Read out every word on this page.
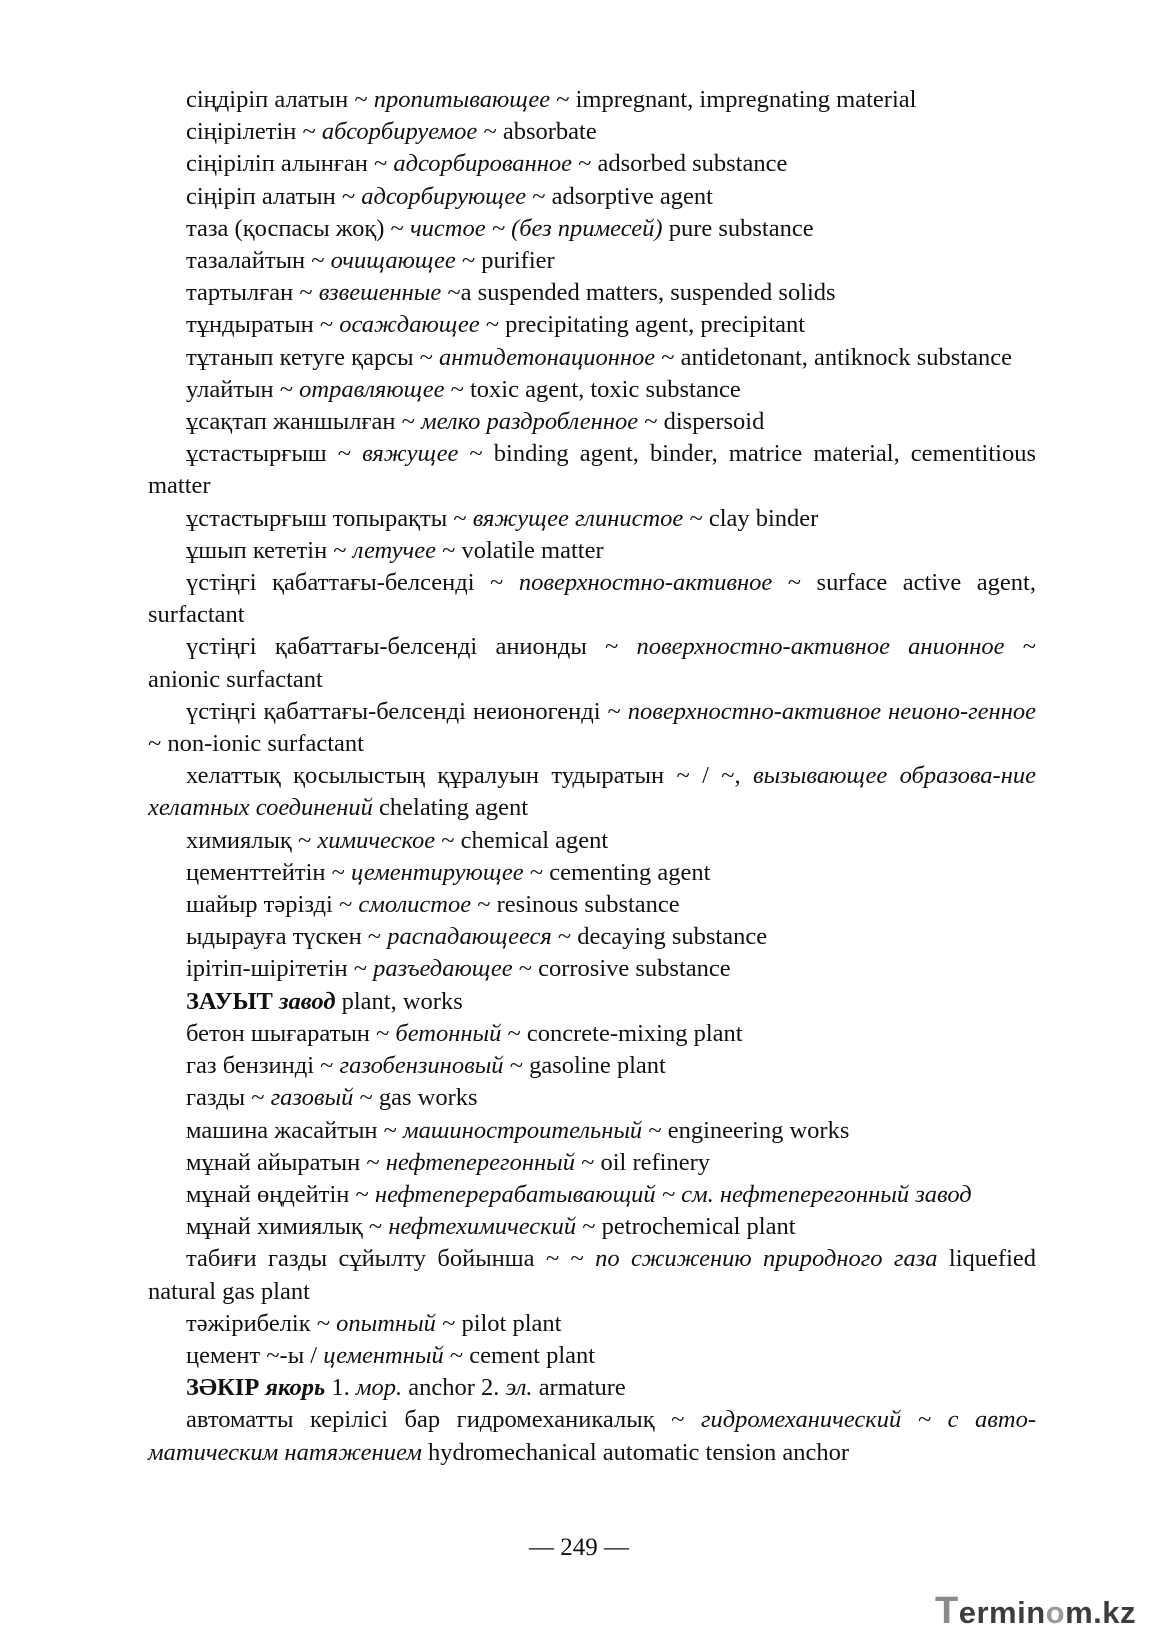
сіңдіріп алатын ~ пропитывающее ~ impregnant, impregnating material

сіңірілетін ~ абсорбируемое ~ absorbate

сіңіріліп алынған ~ адсорбированное ~ adsorbed substance

сіңіріп алатын ~ адсорбирующее ~ adsorptive agent

таза (қоспасы жоқ) ~ чистое ~ (без примесей) pure substance

тазалайтын ~ очищающее ~ purifier

тартылған ~ взвешенные ~a suspended matters, suspended solids

тұндыратын ~ осаждающее ~ precipitating agent, precipitant

тұтанып кетуге қарсы ~ антидетонационное ~ antidetonant, antiknock substance

улайтын ~ отравляющее ~ toxic agent, toxic substance

ұсақтап жаншылған ~ мелко раздробленное ~ dispersoid

ұстастырғыш ~ вяжущее ~ binding agent, binder, matrice material, cementitious matter

ұстастырғыш топырақты ~ вяжущее глинистое ~ clay binder

ұшып кететін ~ летучее ~ volatile matter

үстіңгі қабаттағы-белсенді ~ поверхностно-активное ~ surface active agent, surfactant

үстіңгі қабаттағы-белсенді анионды ~ поверхностно-активное анионное ~ anionic surfactant

үстіңгі қабаттағы-белсенді неионогенді ~ поверхностно-активное неионо-генное ~ non-ionic surfactant

хелаттық қосылыстың құралуын тудыратын ~ / ~, вызывающее образова-ние хелатных соединений chelating agent

химиялық ~ химическое ~ chemical agent

цементтейтін ~ цементирующее ~ cementing agent

шайыр тәрізді ~ смолистое ~ resinous substance

ыдырауға түскен ~ распадающееся ~ decaying substance

ірітіп-шірітетін ~ разъедающее ~ corrosive substance

ЗАУЫТ завод plant, works

бетон шығаратын ~ бетонный ~ concrete-mixing plant

газ бензинді ~ газобензиновый ~ gasoline plant

газды ~ газовый ~ gas works

машина жасайтын ~ машиностроительный ~ engineering works

мұнай айыратын ~ нефтеперегонный ~ oil refinery

мұнай өңдейтін ~ нефтеперерабатывающий ~ см. нефтеперегонный завод

мұнай химиялық ~ нефтехимический ~ petrochemical plant

табиғи газды сұйылту бойынша ~ ~ по сжижению природного газа liquefied natural gas plant

тәжірибелік ~ опытный ~ pilot plant

цемент ~-ы / цементный ~ cement plant

ЗӘКІР якорь 1. мор. anchor 2. эл. armature

автоматты керілісі бар гидромеханикалық ~ гидромеханический ~ с авто-матическим натяжением hydromechanical automatic tension anchor

— 249 —
Terminom.kz
